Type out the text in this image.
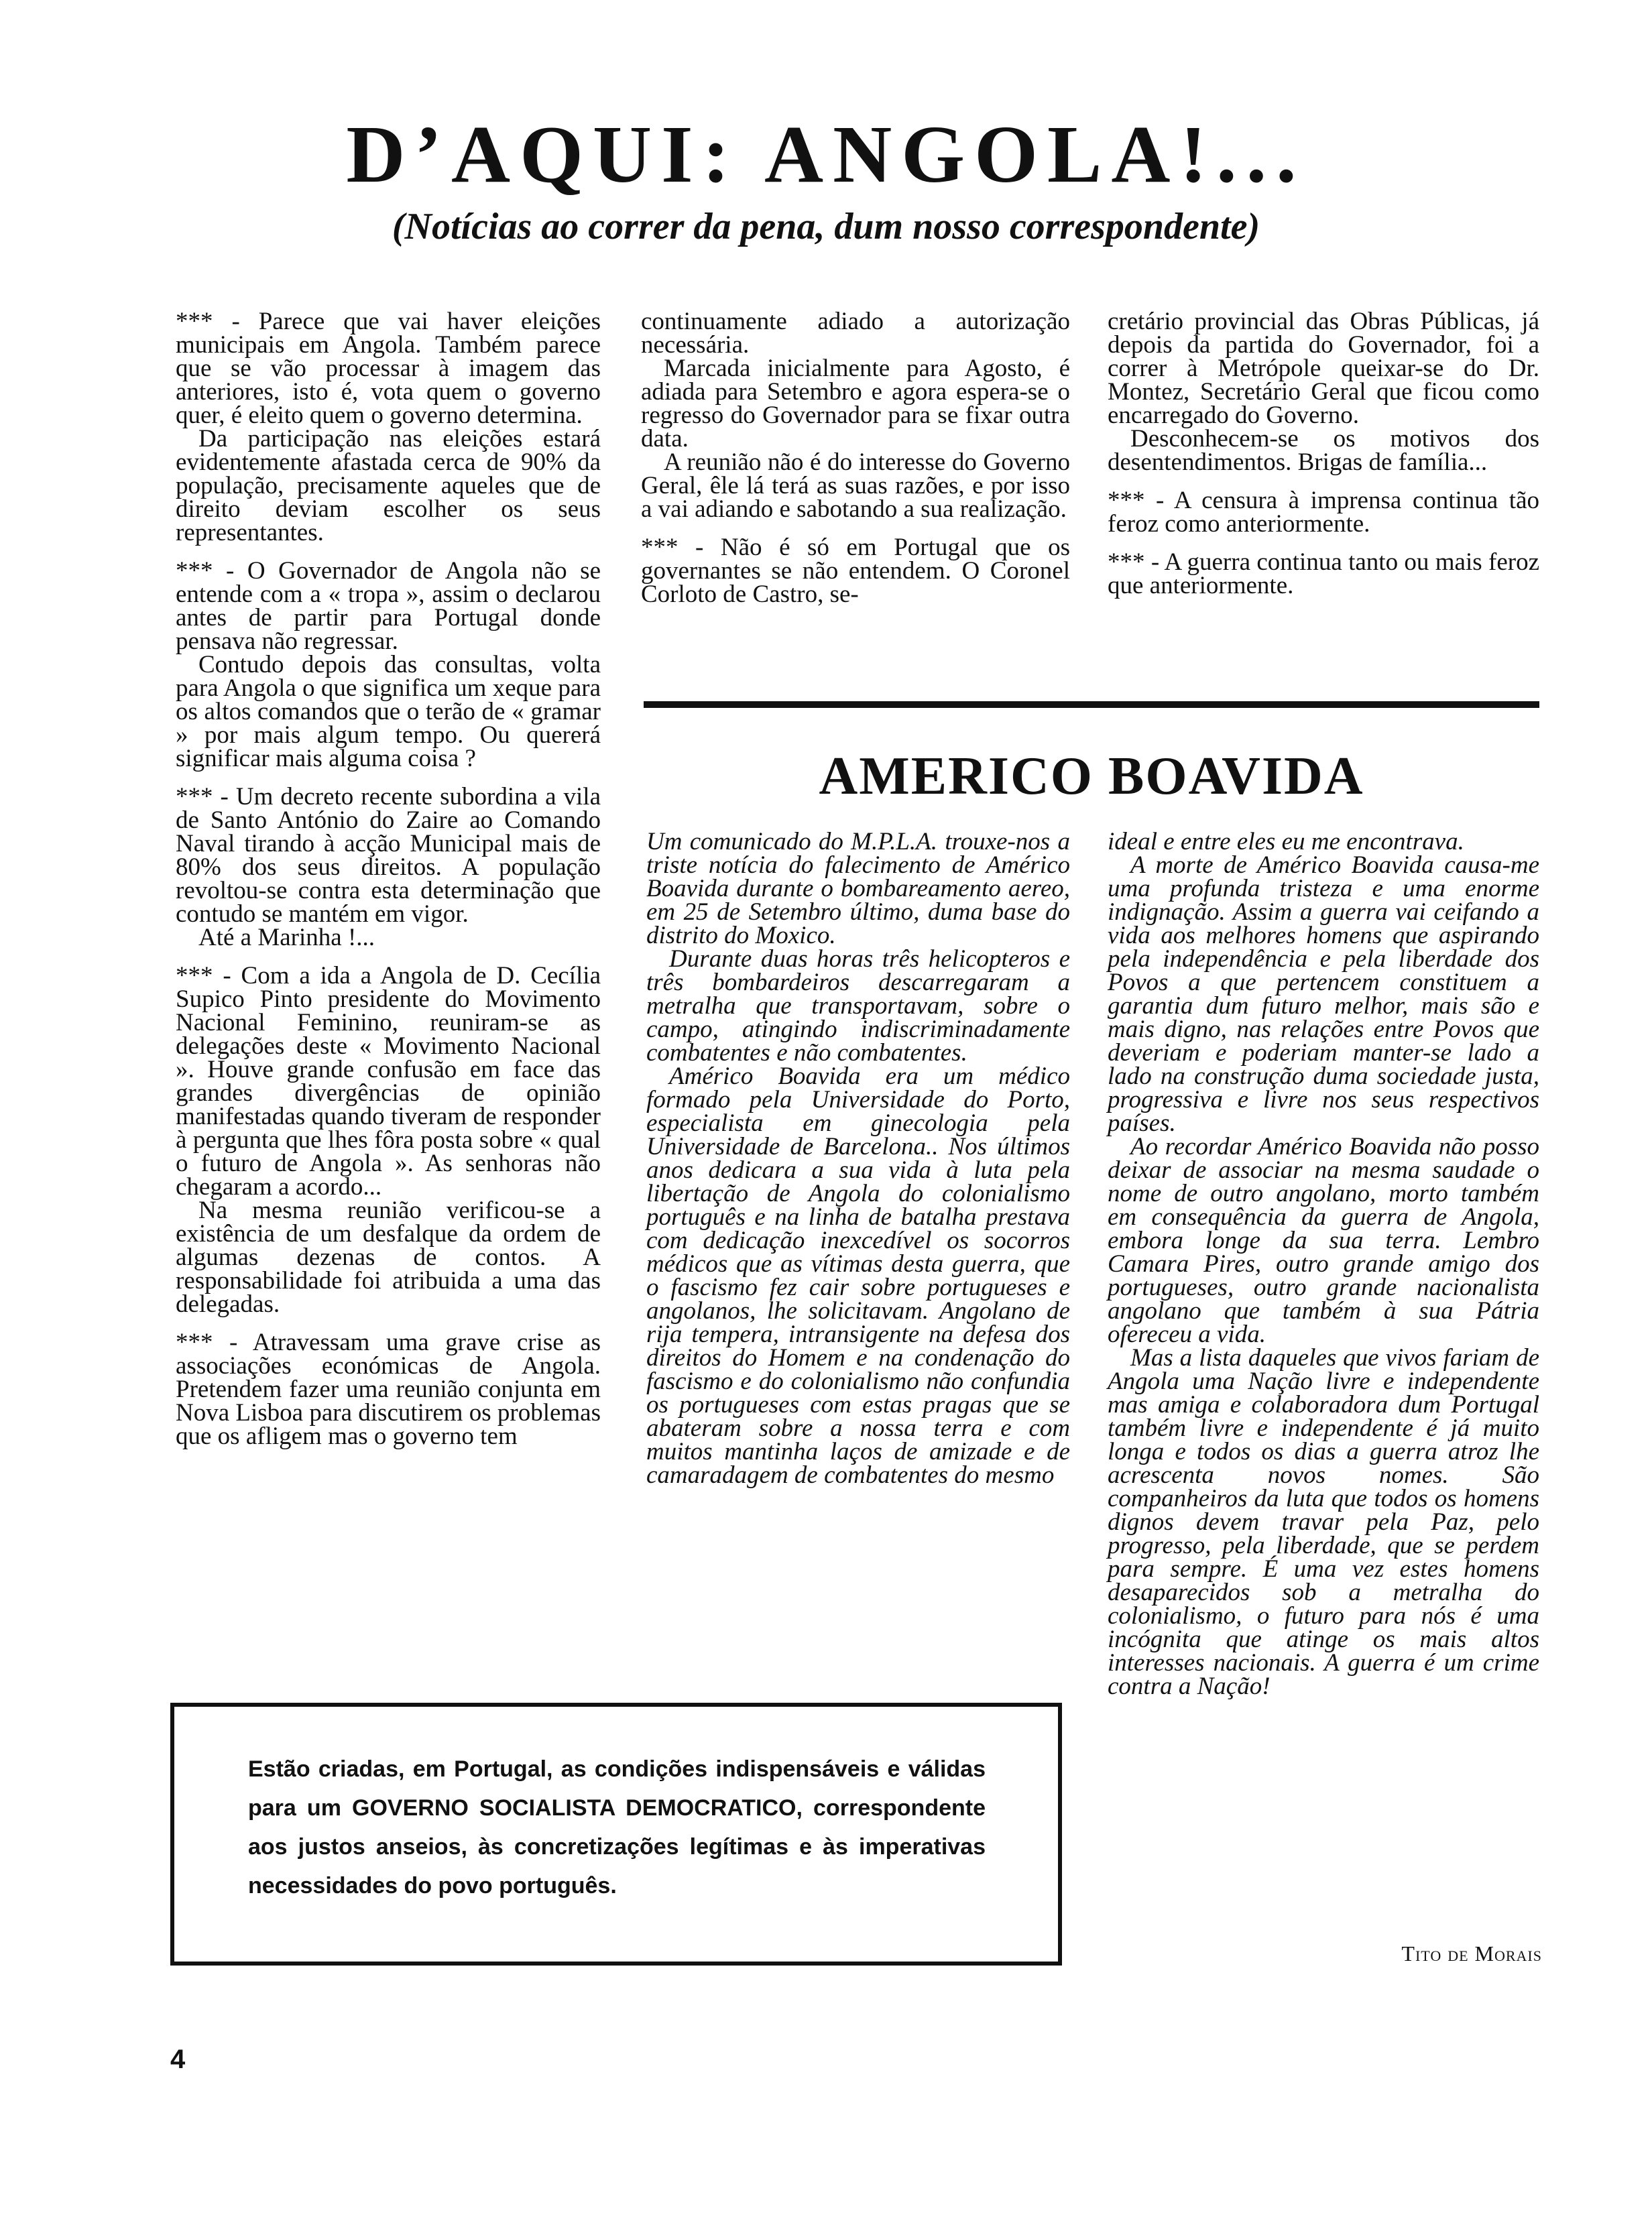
D’AQUI: ANGOLA!...
(Notícias ao correr da pena, dum nosso correspondente)

*** - Parece que vai haver eleições municipais em Angola. Também parece que se vão processar à imagem das anteriores, isto é, vota quem o governo quer, é eleito quem o governo determina.

Da participação nas eleições estará evidentemente afastada cerca de 90% da população, precisamente aqueles que de direito deviam escolher os seus representantes.

*** - O Governador de Angola não se entende com a « tropa », assim o declarou antes de partir para Portugal donde pensava não regressar.

Contudo depois das consultas, volta para Angola o que significa um xeque para os altos comandos que o terão de « gramar » por mais algum tempo. Ou quererá significar mais alguma coisa ?

*** - Um decreto recente subordina a vila de Santo António do Zaire ao Comando Naval tirando à acção Municipal mais de 80% dos seus direitos. A população revoltou-se contra esta determinação que contudo se mantém em vigor.

Até a Marinha !...

*** - Com a ida a Angola de D. Cecília Supico Pinto presidente do Movimento Nacional Feminino, reuniram-se as delegações deste « Movimento Nacional ». Houve grande confusão em face das grandes divergências de opinião manifestadas quando tiveram de responder à pergunta que lhes fôra posta sobre « qual o futuro de Angola ». As senhoras não chegaram a acordo...

Na mesma reunião verificou-se a existência de um desfalque da ordem de algumas dezenas de contos. A responsabilidade foi atribuida a uma das delegadas.

*** - Atravessam uma grave crise as associações económicas de Angola. Pretendem fazer uma reunião conjunta em Nova Lisboa para discutirem os problemas que os afligem mas o governo tem

continuamente adiado a autorização necessária.

Marcada inicialmente para Agosto, é adiada para Setembro e agora espera-se o regresso do Governador para se fixar outra data.

A reunião não é do interesse do Governo Geral, êle lá terá as suas razões, e por isso a vai adiando e sabotando a sua realização.

*** - Não é só em Portugal que os governantes se não entendem. O Coronel Corloto de Castro, se-

cretário provincial das Obras Públicas, já depois da partida do Governador, foi a correr à Metrópole queixar-se do Dr. Montez, Secretário Geral que ficou como encarregado do Governo.

Desconhecem-se os motivos dos desentendimentos. Brigas de família...

*** - A censura à imprensa continua tão feroz como anteriormente.

*** - A guerra continua tanto ou mais feroz que anteriormente.

AMERICO BOAVIDA

Um comunicado do M.P.L.A. trouxe-nos a triste notícia do falecimento de Américo Boavida durante o bombareamento aereo, em 25 de Setembro último, duma base do distrito do Moxico.

Durante duas horas três helicopteros e três bombardeiros descarregaram a metralha que transportavam, sobre o campo, atingindo indiscriminadamente combatentes e não combatentes.

Américo Boavida era um médico formado pela Universidade do Porto, especialista em ginecologia pela Universidade de Barcelona.. Nos últimos anos dedicara a sua vida à luta pela libertação de Angola do colonialismo português e na linha de batalha prestava com dedicação inexcedível os socorros médicos que as vítimas desta guerra, que o fascismo fez cair sobre portugueses e angolanos, lhe solicitavam. Angolano de rija tempera, intransigente na defesa dos direitos do Homem e na condenação do fascismo e do colonialismo não confundia os portugueses com estas pragas que se abateram sobre a nossa terra e com muitos mantinha laços de amizade e de camaradagem de combatentes do mesmo

ideal e entre eles eu me encontrava.

A morte de Américo Boavida causa-me uma profunda tristeza e uma enorme indignação. Assim a guerra vai ceifando a vida aos melhores homens que aspirando pela independência e pela liberdade dos Povos a que pertencem constituem a garantia dum futuro melhor, mais são e mais digno, nas relações entre Povos que deveriam e poderiam manter-se lado a lado na construção duma sociedade justa, progressiva e livre nos seus respectivos países.

Ao recordar Américo Boavida não posso deixar de associar na mesma saudade o nome de outro angolano, morto também em consequência da guerra de Angola, embora longe da sua terra. Lembro Camara Pires, outro grande amigo dos portugueses, outro grande nacionalista angolano que também à sua Pátria ofereceu a vida.

Mas a lista daqueles que vivos fariam de Angola uma Nação livre e independente mas amiga e colaboradora dum Portugal também livre e independente é já muito longa e todos os dias a guerra atroz lhe acrescenta novos nomes. São companheiros da luta que todos os homens dignos devem travar pela Paz, pelo progresso, pela liberdade, que se perdem para sempre. É uma vez estes homens desaparecidos sob a metralha do colonialismo, o futuro para nós é uma incógnita que atinge os mais altos interesses nacionais. A guerra é um crime contra a Nação!

Tito de Morais
Estão criadas, em Portugal, as condições indispensáveis e válidas para um GOVERNO SOCIALISTA DEMOCRATICO, correspondente aos justos anseios, às concretizações legítimas e às imperativas necessidades do povo português.
4
